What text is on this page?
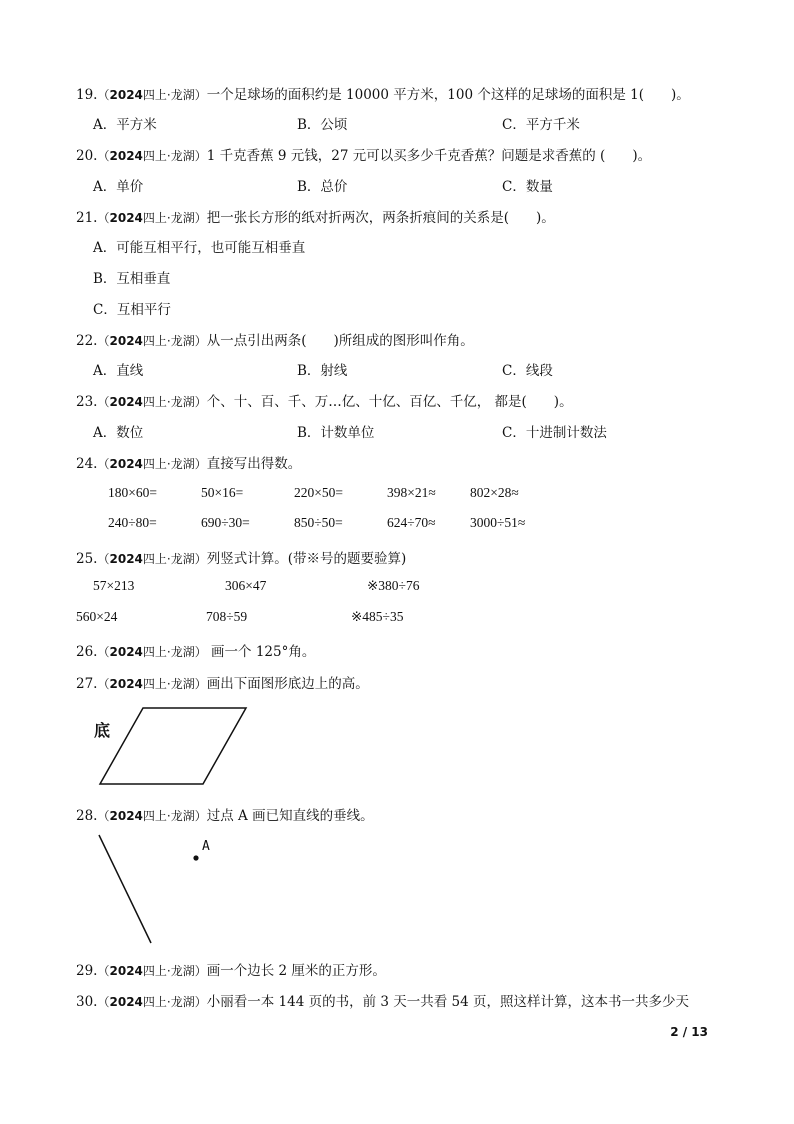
19.（2024四上·龙湖）一个足球场的面积约是 10000 平方米，100 个这样的足球场的面积是 1(　　)。
A．平方米	B．公顷	C．平方千米
20.（2024四上·龙湖）1 千克香蕉 9 元钱，27 元可以买多少千克香蕉？问题是求香蕉的 (　　)。
A．单价	B．总价	C．数量
21.（2024四上·龙湖）把一张长方形的纸对折两次，两条折痕间的关系是(　　)。
A．可能互相平行，也可能互相垂直
B．互相垂直
C．互相平行
22.（2024四上·龙湖）从一点引出两条(　　)所组成的图形叫作角。
A．直线	B．射线	C．线段
23.（2024四上·龙湖）个、十、百、千、万…亿、十亿、百亿、千亿， 都是(　　)。
A．数位	B．计数单位	C．十进制计数法
24.（2024四上·龙湖）直接写出得数。
180×60=	50×16=	220×50=	398×21≈	802×28≈
240÷80=	690÷30=	850÷50=	624÷70≈	3000÷51≈
25.（2024四上·龙湖）列竖式计算。(带※号的题要验算)
57×213	306×47	※380÷76
560×24	708÷59	※485÷35
26.（2024四上·龙湖） 画一个 125°角。
27.（2024四上·龙湖）画出下面图形底边上的高。
底
28.（2024四上·龙湖）过点 A 画已知直线的垂线。
A
29.（2024四上·龙湖）画一个边长 2 厘米的正方形。
30.（2024四上·龙湖）小丽看一本 144 页的书，前 3 天一共看 54 页，照这样计算，这本书一共多少天
2 / 13
